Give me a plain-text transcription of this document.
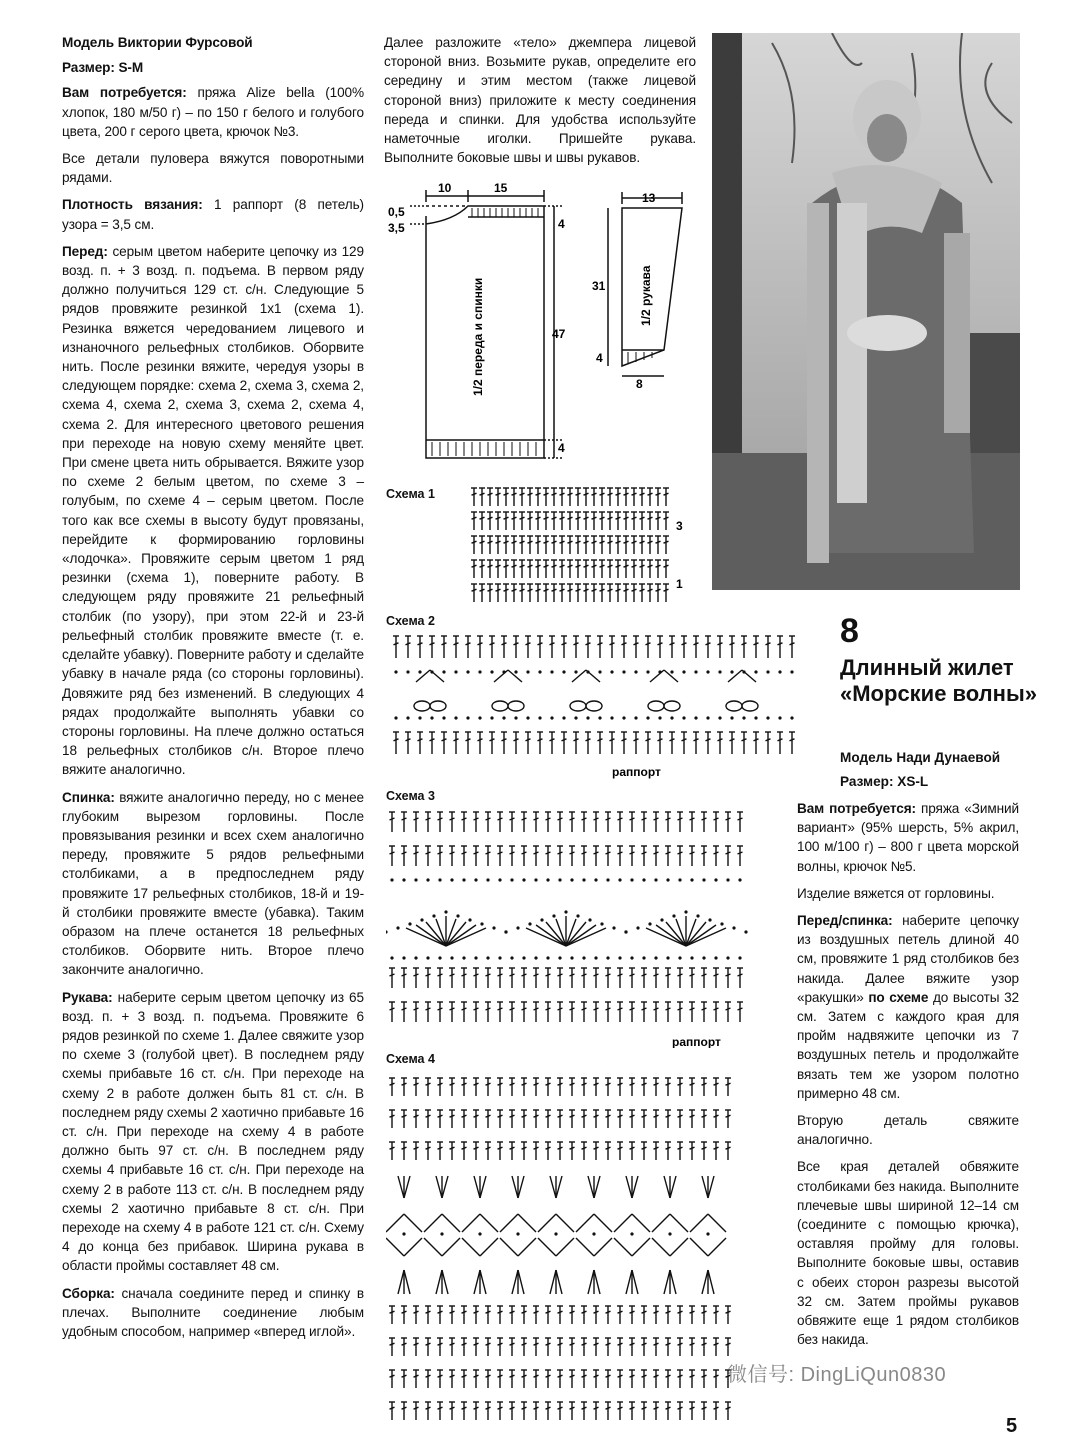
Модель Виктории Фурсовой

Размер: S-M

Вам потребуется: пряжа Alize bella (100% хлопок, 180 м/50 г) – по 150 г белого и голубого цвета, 200 г серого цвета, крючок №3.

Все детали пуловера вяжутся поворотными рядами.

Плотность вязания: 1 раппорт (8 петель) узора = 3,5 см.

Перед: серым цветом наберите цепочку из 129 возд. п. + 3 возд. п. подъема. В первом ряду должно получиться 129 ст. с/н. Следующие 5 рядов провяжите резинкой 1х1 (схема 1). Резинка вяжется чередованием лицевого и изнаночного рельефных столбиков. Оборвите нить. После резинки вяжите, чередуя узоры в следующем порядке: схема 2, схема 3, схема 2, схема 4, схема 2, схема 3, схема 2, схема 4, схема 2. Для интересного цветового решения при переходе на новую схему меняйте цвет. При смене цвета нить обрывается. Вяжите узор по схеме 2 белым цветом, по схеме 3 – голубым, по схеме 4 – серым цветом. После того как все схемы в высоту будут провязаны, перейдите к формированию горловины «лодочка». Провяжите серым цветом 1 ряд резинки (схема 1), поверните работу. В следующем ряду провяжите 21 рельефный столбик (по узору), при этом 22-й и 23-й рельефный столбик провяжите вместе (т. е. сделайте убавку). Поверните работу и сделайте убавку в начале ряда (со стороны горловины). Довяжите ряд без изменений. В следующих 4 рядах продолжайте выполнять убавки со стороны горловины. На плече должно остаться 18 рельефных столбиков с/н. Второе плечо вяжите аналогично.

Спинка: вяжите аналогично переду, но с менее глубоким вырезом горловины. После провязывания резинки и всех схем аналогично переду, провяжите 5 рядов рельефными столбиками, а в предпоследнем ряду провяжите 17 рельефных столбиков, 18-й и 19-й столбики провяжите вместе (убавка). Таким образом на плече останется 18 рельефных столбиков. Оборвите нить. Второе плечо закончите аналогично.

Рукава: наберите серым цветом цепочку из 65 возд. п. + 3 возд. п. подъема. Провяжите 6 рядов резинкой по схеме 1. Далее свяжите узор по схеме 3 (голубой цвет). В последнем ряду схемы прибавьте 16 ст. с/н. При переходе на схему 2 в работе должен быть 81 ст. с/н. В последнем ряду схемы 2 хаотично прибавьте 16 ст. с/н. При переходе на схему 4 в работе должно быть 97 ст. с/н. В последнем ряду схемы 4 прибавьте 16 ст. с/н. При переходе на схему 2 в работе 113 ст. с/н. В последнем ряду схемы 2 хаотично прибавьте 8 ст. с/н. При переходе на схему 4 в работе 121 ст. с/н. Схему 4 до конца без прибавок. Ширина рукава в области проймы составляет 48 см.

Сборка: сначала соедините перед и спинку в плечах. Выполните соединение любым удобным способом, например «вперед иглой».

Далее разложите «тело» джемпера лицевой стороной вниз. Возьмите рукав, определите его середину и этим местом (также лицевой стороной вниз) приложите к месту соединения переда и спинки. Для удобства используйте наметочные иголки. Пришейте рукава. Выполните боковые швы и швы рукавов.

10	15
0,5
3,5	4
47
4
1/2 переда и спинки
13
31
4
8
1/2 рукава
Схема 1
Схема 2
Схема 3
Схема 4
3
1
раппорт
раппорт
8
Длинный жилет «Морские волны»
Модель Нади Дунаевой
Размер: XS-L

Вам потребуется: пряжа «Зимний вариант» (95% шерсть, 5% акрил, 100 м/100 г) – 800 г цвета морской волны, крючок №5.

Изделие вяжется от горловины.

Перед/спинка: наберите цепочку из воздушных петель длиной 40 см, провяжите 1 ряд столбиков без накида. Далее вяжите узор «ракушки» по схеме до высоты 32 см. Затем с каждого края для пройм надвяжите цепочки из 7 воздушных петель и продолжайте вязать тем же узором полотно примерно 48 см.

Вторую деталь свяжите аналогично.

Все края деталей обвяжите столбиками без накида. Выполните плечевые швы шириной 12–14 см (соедините с помощью крючка), оставляя пройму для головы. Выполните боковые швы, оставив с обеих сторон разрезы высотой 32 см. Затем проймы рукавов обвяжите еще 1 рядом столбиков без накида.

微信号: DingLiQun0830
5
